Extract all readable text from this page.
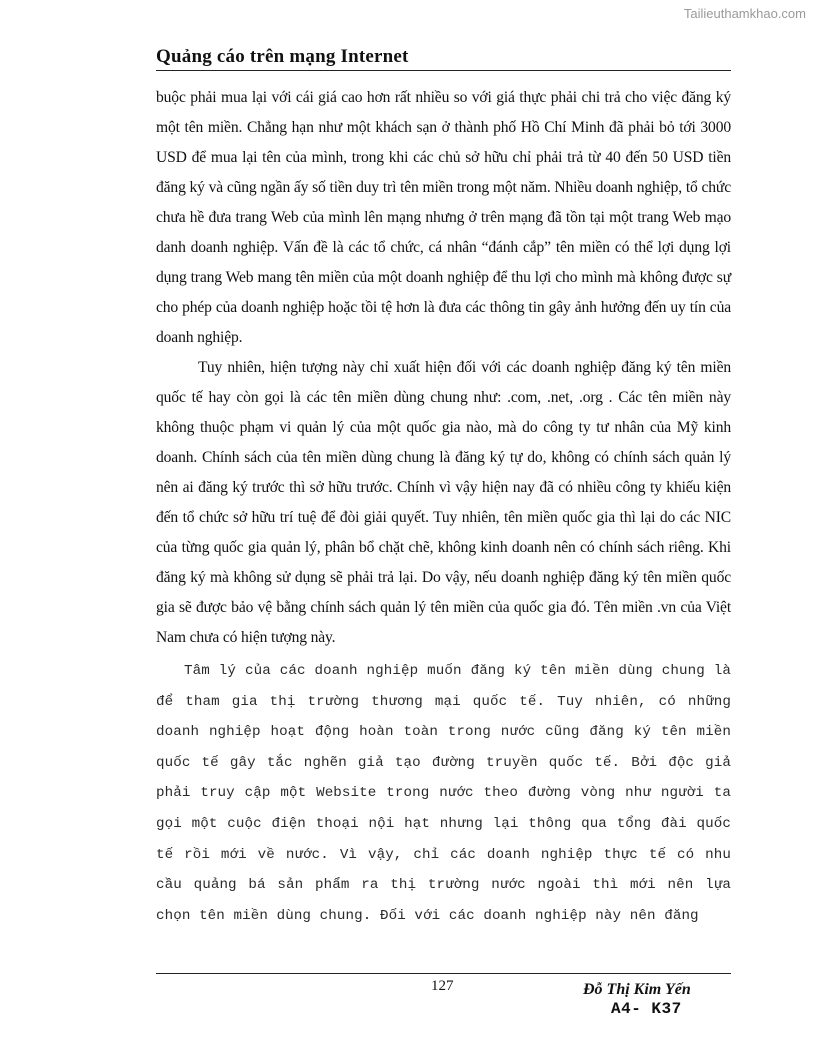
Tailieuthamkhao.com
Quảng cáo trên mạng Internet

buộc phải mua lại với cái giá cao hơn rất nhiều so với giá thực phải chi trả cho việc đăng ký một tên miền. Chẳng hạn như một khách sạn ở thành phố Hồ Chí Minh đã phải bỏ tới 3000 USD để mua lại tên của mình, trong khi các chủ sở hữu chỉ phải trả từ 40 đến 50 USD tiền đăng ký và cũng ngần ấy số tiền duy trì tên miền trong một năm. Nhiều doanh nghiệp, tổ chức chưa hề đưa trang Web của mình lên mạng nhưng ở trên mạng đã tồn tại một trang Web mạo danh doanh nghiệp. Vấn đề là các tổ chức, cá nhân “đánh cắp” tên miền có thể lợi dụng lợi dụng trang Web mang tên miền của một doanh nghiệp để thu lợi cho mình mà không được sự cho phép của doanh nghiệp hoặc tồi tệ hơn là đưa các thông tin gây ảnh hưởng đến uy tín của doanh nghiệp.

Tuy nhiên, hiện tượng này chỉ xuất hiện đối với các doanh nghiệp đăng ký tên miền quốc tế hay còn gọi là các tên miền dùng chung như: .com, .net, .org . Các tên miền này không thuộc phạm vi quản lý của một quốc gia nào, mà do công ty tư nhân của Mỹ kinh doanh. Chính sách của tên miền dùng chung là đăng ký tự do, không có chính sách quản lý nên ai đăng ký trước thì sở hữu trước. Chính vì vậy hiện nay đã có nhiều công ty khiếu kiện đến tổ chức sở hữu trí tuệ để đòi giải quyết. Tuy nhiên, tên miền quốc gia thì lại do các NIC của từng quốc gia quản lý, phân bổ chặt chẽ, không kinh doanh nên có chính sách riêng. Khi đăng ký mà không sử dụng sẽ phải trả lại. Do vậy, nếu doanh nghiệp đăng ký tên miền quốc gia sẽ được bảo vệ bằng chính sách quản lý tên miền của quốc gia đó. Tên miền .vn của Việt Nam chưa có hiện tượng này.

Tâm lý của các doanh nghiệp muốn đăng ký tên miền dùng chung là để tham gia thị trường thương mại quốc tế. Tuy nhiên, có những doanh nghiệp hoạt động hoàn toàn trong nước cũng đăng ký tên miền quốc tế gây tắc nghẽn giả tạo đường truyền quốc tế. Bởi độc giả phải truy cập một Website trong nước theo đường vòng như người ta gọi một cuộc điện thoại nội hạt nhưng lại thông qua tổng đài quốc tế rồi mới về nước. Vì vậy, chỉ các doanh nghiệp thực tế có nhu cầu quảng bá sản phẩm ra thị trường nước ngoài thì mới nên lựa chọn tên miền dùng chung. Đối với các doanh nghiệp này nên đăng

127	Đỗ Thị Kim Yến
A4- K37
